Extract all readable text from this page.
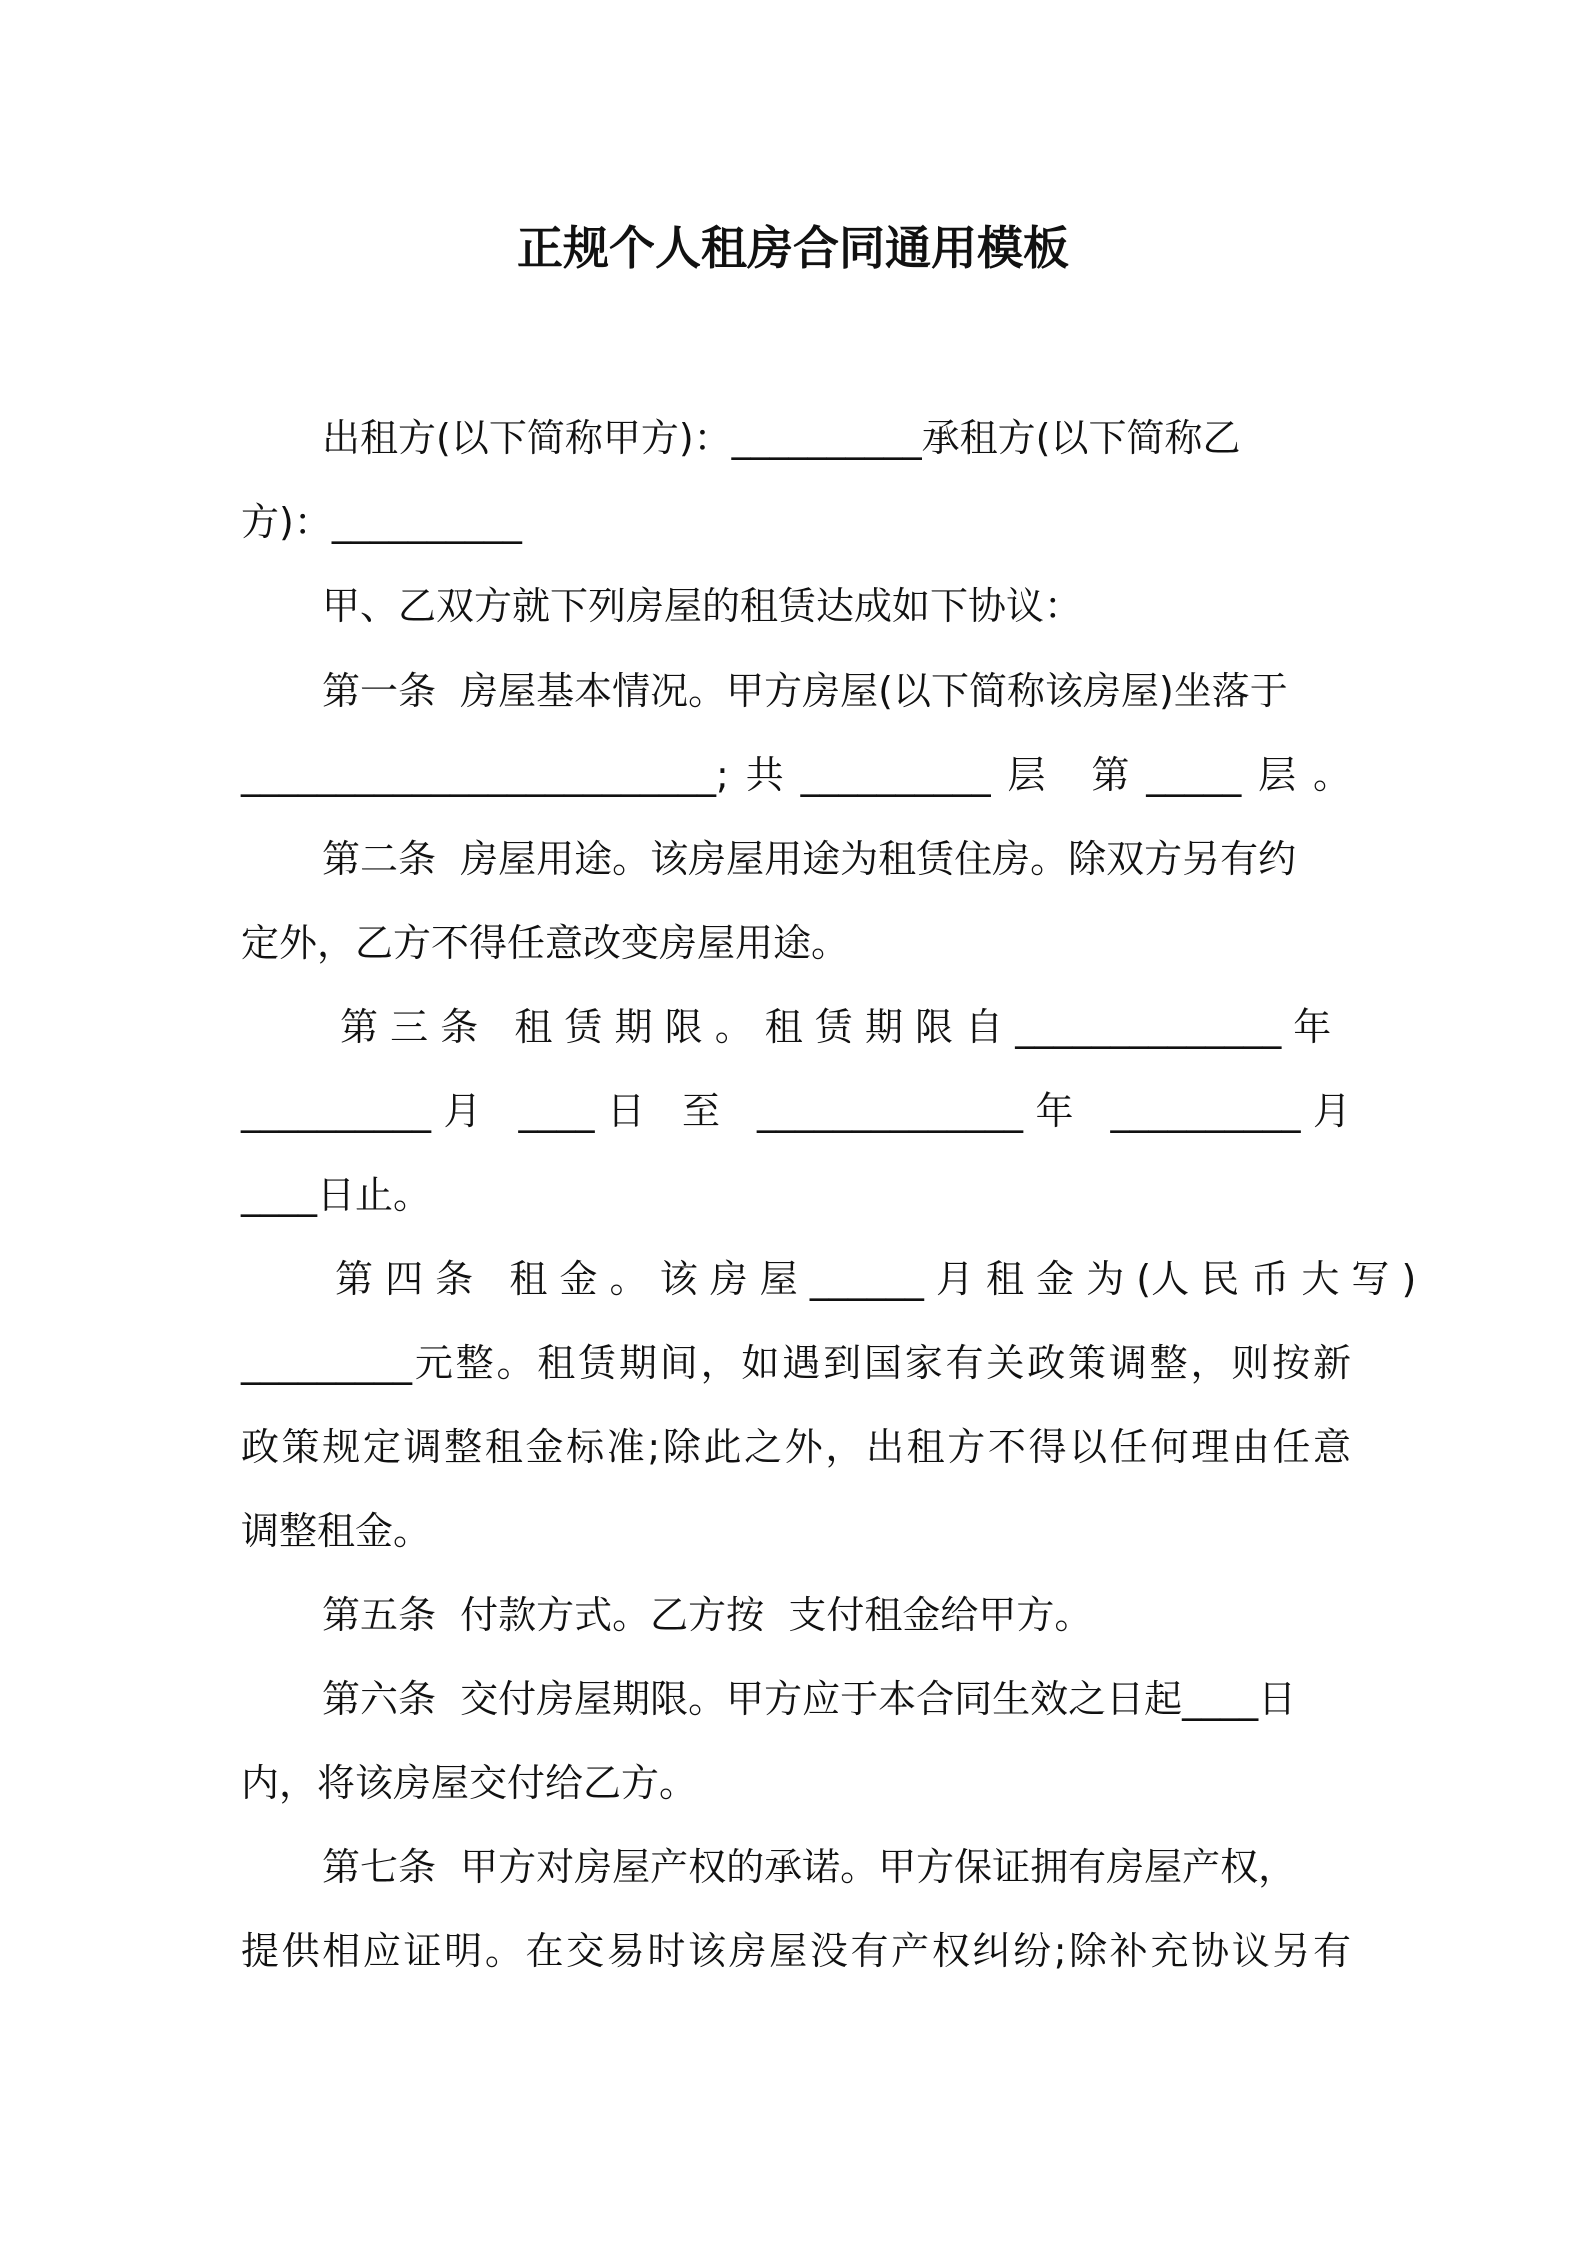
正规个人租房合同通用模板
出租方(以下简称甲方)：__________承租方(以下简称乙
方)：__________
甲、乙双方就下列房屋的租赁达成如下协议：
第一条  房屋基本情况。甲方房屋(以下简称该房屋)坐落于
_________________________;共__________层 第_____层。
第二条  房屋用途。该房屋用途为租赁住房。除双方另有约
定外，乙方不得任意改变房屋用途。
第 三 条   租 赁 期 限 。 租 赁 期 限 自 ______________ 年
__________月 ____日 至 ______________年 __________月
____日止。
第 四 条   租 金 。 该 房 屋 ______ 月 租 金 为 (人 民 币 大 写 )
_________元整。租赁期间，如遇到国家有关政策调整，则按新
政策规定调整租金标准;除此之外，出租方不得以任何理由任意
调整租金。
第五条  付款方式。乙方按  支付租金给甲方。
第六条  交付房屋期限。甲方应于本合同生效之日起____日
内，将该房屋交付给乙方。
第七条  甲方对房屋产权的承诺。甲方保证拥有房屋产权，
提供相应证明。在交易时该房屋没有产权纠纷;除补充协议另有
